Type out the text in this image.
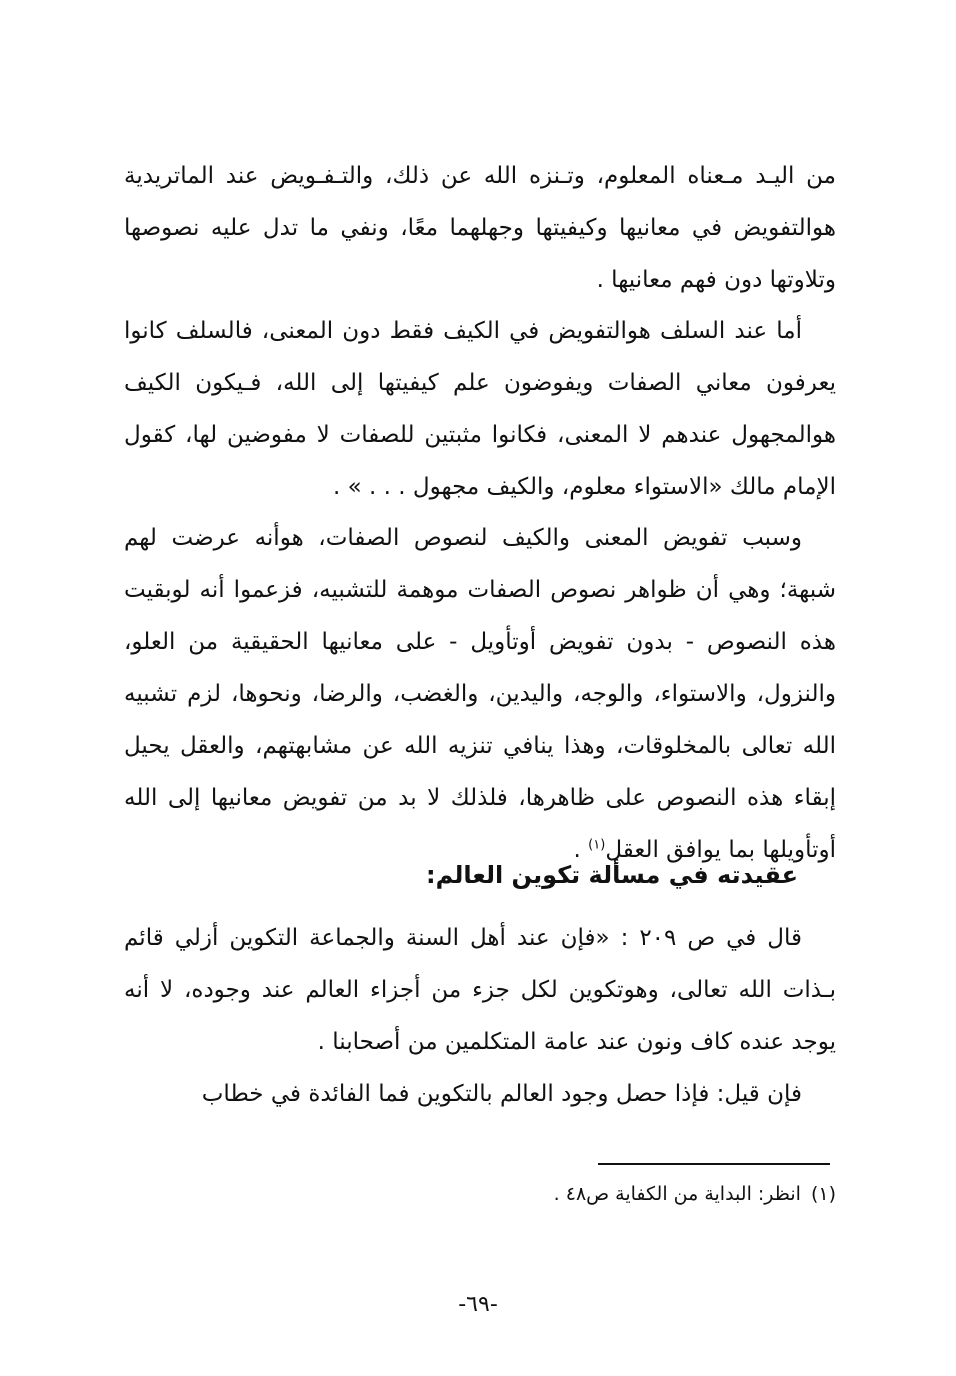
من اليـد مـعناه المعلوم، وتـنزه الله عن ذلك، والتـفـويض عند الماتريدية هوالتفويض في معانيها وكيفيتها وجهلهما معًا، ونفي ما تدل عليه نصوصها وتلاوتها دون فهم معانيها .

أما عند السلف هوالتفويض في الكيف فقط دون المعنى، فالسلف كانوا يعرفون معاني الصفات ويفوضون علم كيفيتها إلى الله، فـيكون الكيف هوالمجهول عندهم لا المعنى، فكانوا مثبتين للصفات لا مفوضين لها، كقول الإمام مالك «الاستواء معلوم، والكيف مجهول . . . » .

وسبب تفويض المعنى والكيف لنصوص الصفات، هوأنه عرضت لهم شبهة؛ وهي أن ظواهر نصوص الصفات موهمة للتشبيه، فزعموا أنه لوبقيت هذه النصوص - بدون تفويض أوتأويل - على معانيها الحقيقية من العلو، والنزول، والاستواء، والوجه، واليدين، والغضب، والرضا، ونحوها، لزم تشبيه الله تعالى بالمخلوقات، وهذا ينافي تنزيه الله عن مشابهتهم، والعقل يحيل إبقاء هذه النصوص على ظاهرها، فلذلك لا بد من تفويض معانيها إلى الله أوتأويلها بما يوافق العقل$^{(١)}$ .

عقيدته في مسألة تكوين العالم:

قال في ص ٢٠٩ : «فإن عند أهل السنة والجماعة التكوين أزلي قائم بـذات الله تعالى، وهوتكوين لكل جزء من أجزاء العالم عند وجوده، لا أنه يوجد عنده كاف ونون عند عامة المتكلمين من أصحابنا .

فإن قيل: فإذا حصل وجود العالم بالتكوين فما الفائدة في خطاب

(١)انظر: البداية من الكفاية ص٤٨ .
-٦٩-
